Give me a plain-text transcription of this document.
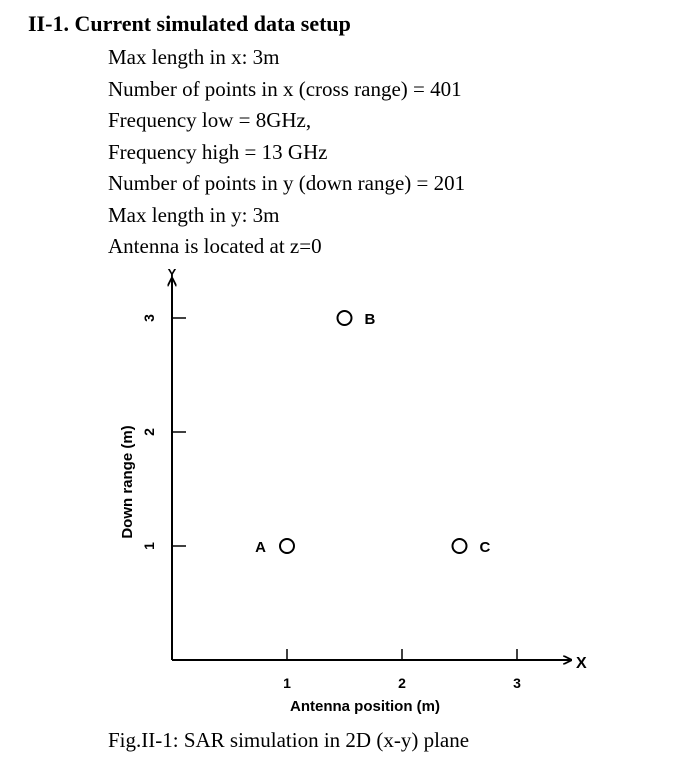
II-1. Current simulated data setup
Max length in x: 3m
Number of points in x (cross range) = 401
Frequency low = 8GHz,
Frequency high = 13 GHz
Number of points in y (down range) = 201
Max length in y: 3m
Antenna is located at z=0
1	2	3
1
2
3
A
B
C
Antenna position (m)
Down range (m)
X
Y
Fig.II-1: SAR simulation in 2D (x-y) plane
